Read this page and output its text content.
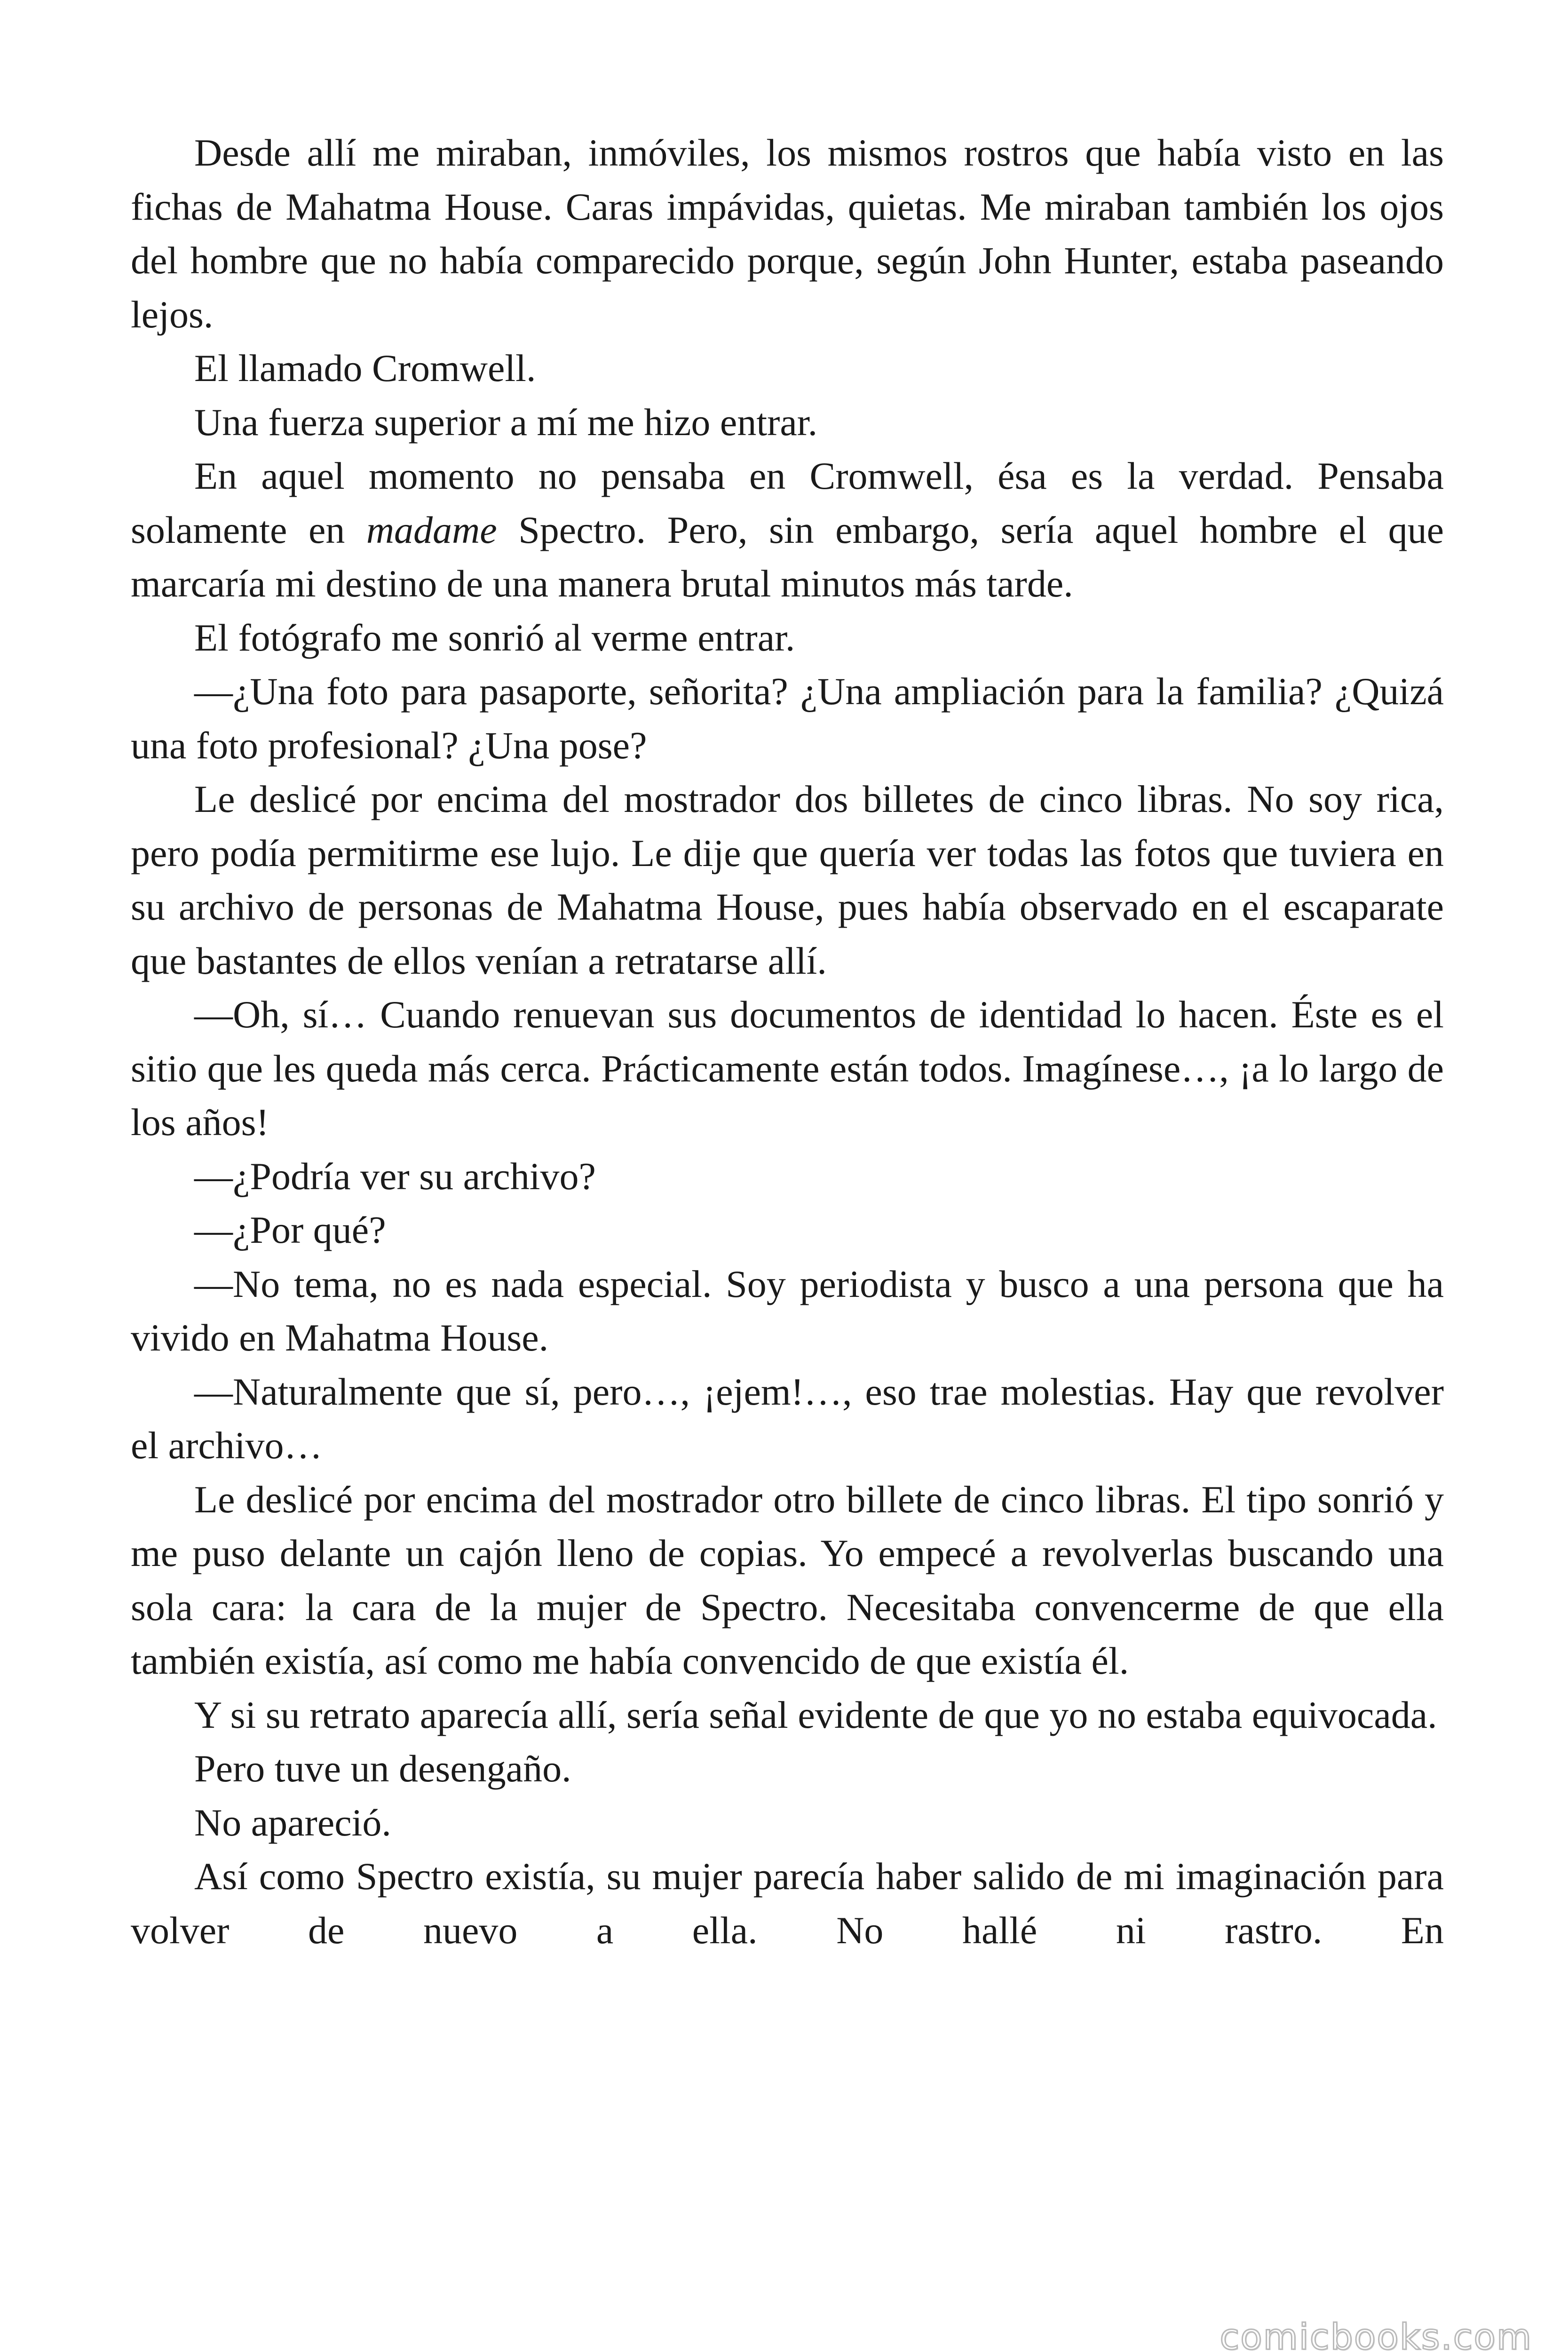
Desde allí me miraban, inmóviles, los mismos rostros que había visto en las fichas de Mahatma House. Caras impávidas, quietas. Me miraban también los ojos del hombre que no había comparecido porque, según John Hunter, estaba paseando lejos.

El llamado Cromwell.

Una fuerza superior a mí me hizo entrar.

En aquel momento no pensaba en Cromwell, ésa es la verdad. Pensaba solamente en madame Spectro. Pero, sin embargo, sería aquel hombre el que marcaría mi destino de una manera brutal minutos más tarde.

El fotógrafo me sonrió al verme entrar.

—¿Una foto para pasaporte, señorita? ¿Una ampliación para la familia? ¿Quizá una foto profesional? ¿Una pose?

Le deslicé por encima del mostrador dos billetes de cinco libras. No soy rica, pero podía permitirme ese lujo. Le dije que quería ver todas las fotos que tuviera en su archivo de personas de Mahatma House, pues había observado en el escaparate que bastantes de ellos venían a retratarse allí.

—Oh, sí… Cuando renuevan sus documentos de identidad lo hacen. Éste es el sitio que les queda más cerca. Prácticamente están todos. Imagínese…, ¡a lo largo de los años!

—¿Podría ver su archivo?

—¿Por qué?

—No tema, no es nada especial. Soy periodista y busco a una persona que ha vivido en Mahatma House.

—Naturalmente que sí, pero…, ¡ejem!…, eso trae molestias. Hay que revolver el archivo…

Le deslicé por encima del mostrador otro billete de cinco libras. El tipo sonrió y me puso delante un cajón lleno de copias. Yo empecé a revolverlas buscando una sola cara: la cara de la mujer de Spectro. Necesitaba convencerme de que ella también existía, así como me había convencido de que existía él.

Y si su retrato aparecía allí, sería señal evidente de que yo no estaba equivocada.

Pero tuve un desengaño.

No apareció.

Así como Spectro existía, su mujer parecía haber salido de mi imaginación para volver de nuevo a ella. No hallé ni rastro. En

comicbooks.com
